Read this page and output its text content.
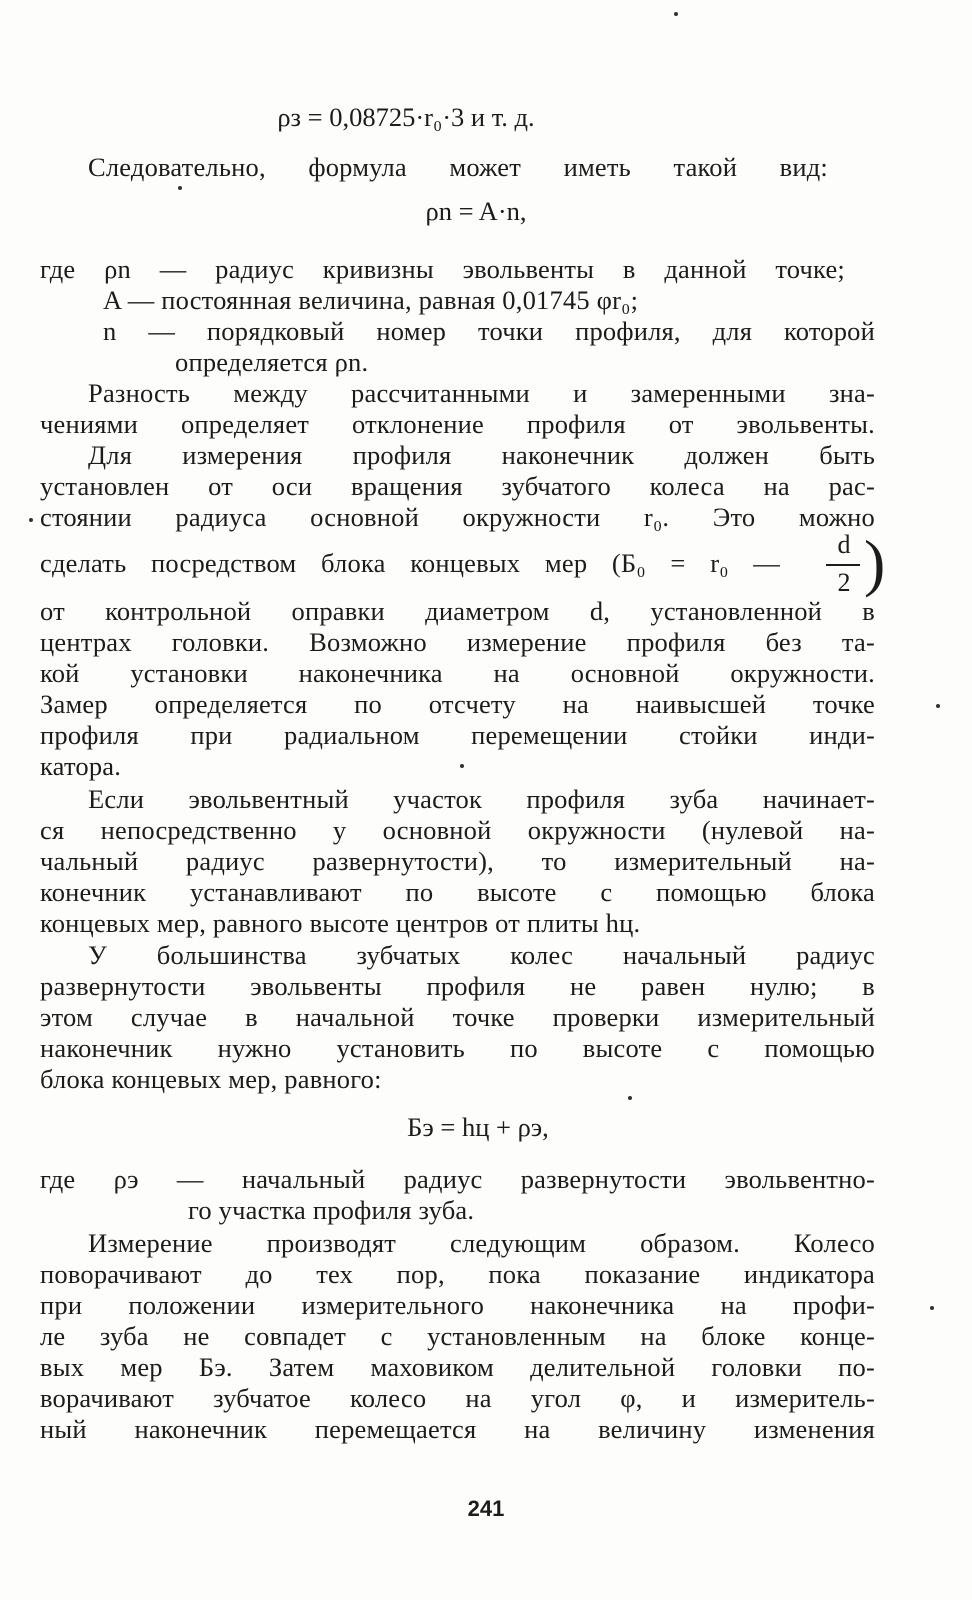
ρз = 0,08725·r₀·3 и т. д.
Следовательно, формула может иметь такой вид:
ρn = A·n,
где ρn — радиус кривизны эвольвенты в данной точке;
A — постоянная величина, равная 0,01745 φr₀;
n — порядковый номер точки профиля, для которой
определяется ρn.
Разность между рассчитанными и замеренными зна-
чениями определяет отклонение профиля от эвольвенты.
Для измерения профиля наконечник должен быть
установлен от оси вращения зубчатого колеса на рас-
стоянии радиуса основной окружности r₀. Это можно
сделать посредством блока концевых мер (Б₀ = r₀ — )
d
2
от контрольной оправки диаметром d, установленной в
центрах головки. Возможно измерение профиля без та-
кой установки наконечника на основной окружности.
Замер определяется по отсчету на наивысшей точке
профиля при радиальном перемещении стойки инди-
катора.
Если эвольвентный участок профиля зуба начинает-
ся непосредственно у основной окружности (нулевой на-
чальный радиус развернутости), то измерительный на-
конечник устанавливают по высоте с помощью блока
концевых мер, равного высоте центров от плиты hц.
У большинства зубчатых колес начальный радиус
развернутости эвольвенты профиля не равен нулю; в
этом случае в начальной точке проверки измерительный
наконечник нужно установить по высоте с помощью
блока концевых мер, равного:
Бэ = hц + ρэ,
где ρэ — начальный радиус развернутости эвольвентно-
го участка профиля зуба.
Измерение производят следующим образом. Колесо
поворачивают до тех пор, пока показание индикатора
при положении измерительного наконечника на профи-
ле зуба не совпадет с установленным на блоке конце-
вых мер Бэ. Затем маховиком делительной головки по-
ворачивают зубчатое колесо на угол φ, и измеритель-
ный наконечник перемещается на величину изменения
241
